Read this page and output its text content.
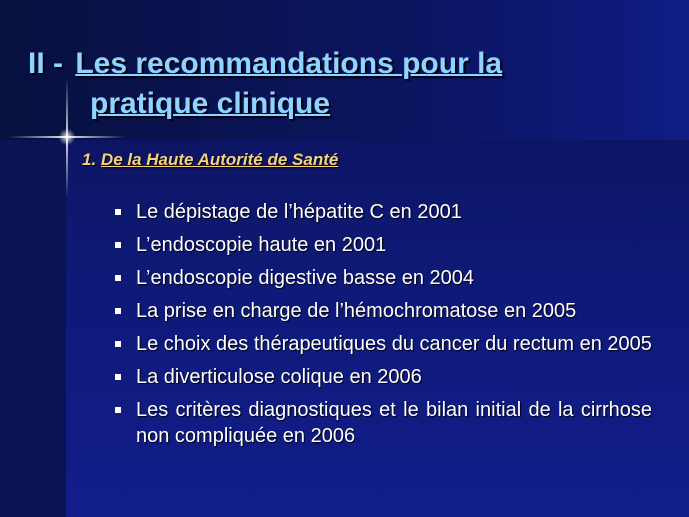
II - Les recommandations pour la
pratique clinique
1. De la Haute Autorité de Santé
Le dépistage de l’hépatite C en 2001
L’endoscopie haute en 2001
L’endoscopie digestive basse en 2004
La prise en charge de l’hémochromatose en 2005
Le choix des thérapeutiques du cancer du rectum en 2005
La diverticulose colique en 2006
Les critères diagnostiques et le bilan initial de la cirrhose non compliquée en 2006
